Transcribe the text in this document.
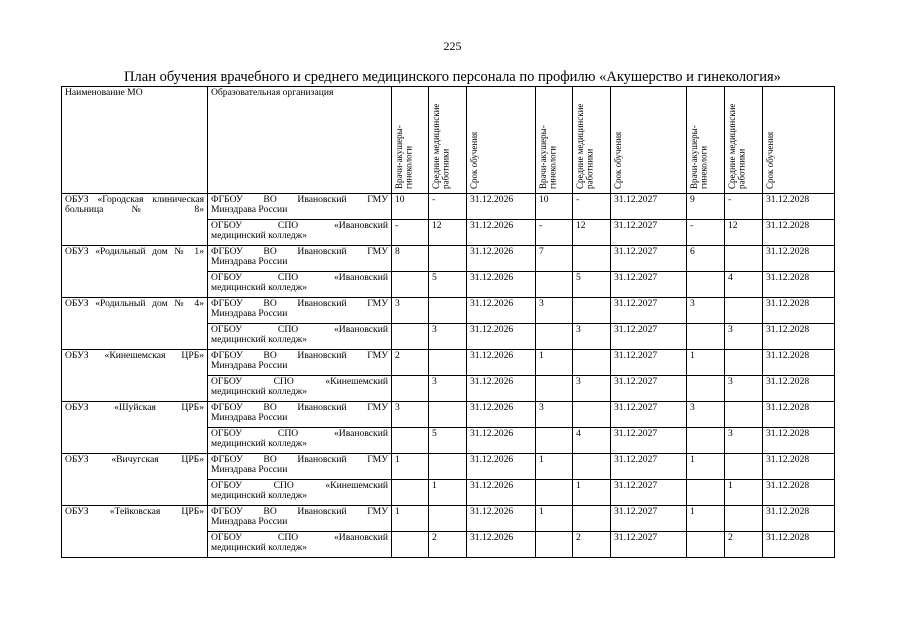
225
План обучения врачебного и среднего медицинского персонала по профилю «Акушерство и гинекология»
Наименование МО	Образовательная организация	Врачи-акушеры-гинекологи	Средние медицинские работники	Срок обучения	Врачи-акушеры-гинекологи	Средние медицинские работники	Срок обучения	Врачи-акушеры-гинекологи	Средние медицинские работники	Срок обучения

ОБУЗ «Городская клиническая больница № 8»	ФГБОУ ВО Ивановский ГМУ
Минздрава России	10	-	31.12.2026	10	-	31.12.2027	9	-	31.12.2028
	ОГБОУ СПО «Ивановский
медицинский колледж»	-	12	31.12.2026	-	12	31.12.2027	-	12	31.12.2028
ОБУЗ «Родильный дом № 1»	ФГБОУ ВО Ивановский ГМУ
Минздрава России	8		31.12.2026	7		31.12.2027	6		31.12.2028
	ОГБОУ СПО «Ивановский
медицинский колледж»		5	31.12.2026		5	31.12.2027		4	31.12.2028
ОБУЗ «Родильный дом № 4»	ФГБОУ ВО Ивановский ГМУ
Минздрава России	3		31.12.2026	3		31.12.2027	3		31.12.2028
	ОГБОУ СПО «Ивановский
медицинский колледж»		3	31.12.2026		3	31.12.2027		3	31.12.2028
ОБУЗ «Кинешемская ЦРБ»	ФГБОУ ВО Ивановский ГМУ
Минздрава России	2		31.12.2026	1		31.12.2027	1		31.12.2028
	ОГБОУ СПО «Кинешемский
медицинский колледж»		3	31.12.2026		3	31.12.2027		3	31.12.2028
ОБУЗ «Шуйская ЦРБ»	ФГБОУ ВО Ивановский ГМУ
Минздрава России	3		31.12.2026	3		31.12.2027	3		31.12.2028
	ОГБОУ СПО «Ивановский
медицинский колледж»		5	31.12.2026		4	31.12.2027		3	31.12.2028
ОБУЗ «Вичугская ЦРБ»	ФГБОУ ВО Ивановский ГМУ
Минздрава России	1		31.12.2026	1		31.12.2027	1		31.12.2028
	ОГБОУ СПО «Кинешемский
медицинский колледж»		1	31.12.2026		1	31.12.2027		1	31.12.2028
ОБУЗ «Тейковская ЦРБ»	ФГБОУ ВО Ивановский ГМУ
Минздрава России	1		31.12.2026	1		31.12.2027	1		31.12.2028
	ОГБОУ СПО «Ивановский
медицинский колледж»		2	31.12.2026		2	31.12.2027		2	31.12.2028
